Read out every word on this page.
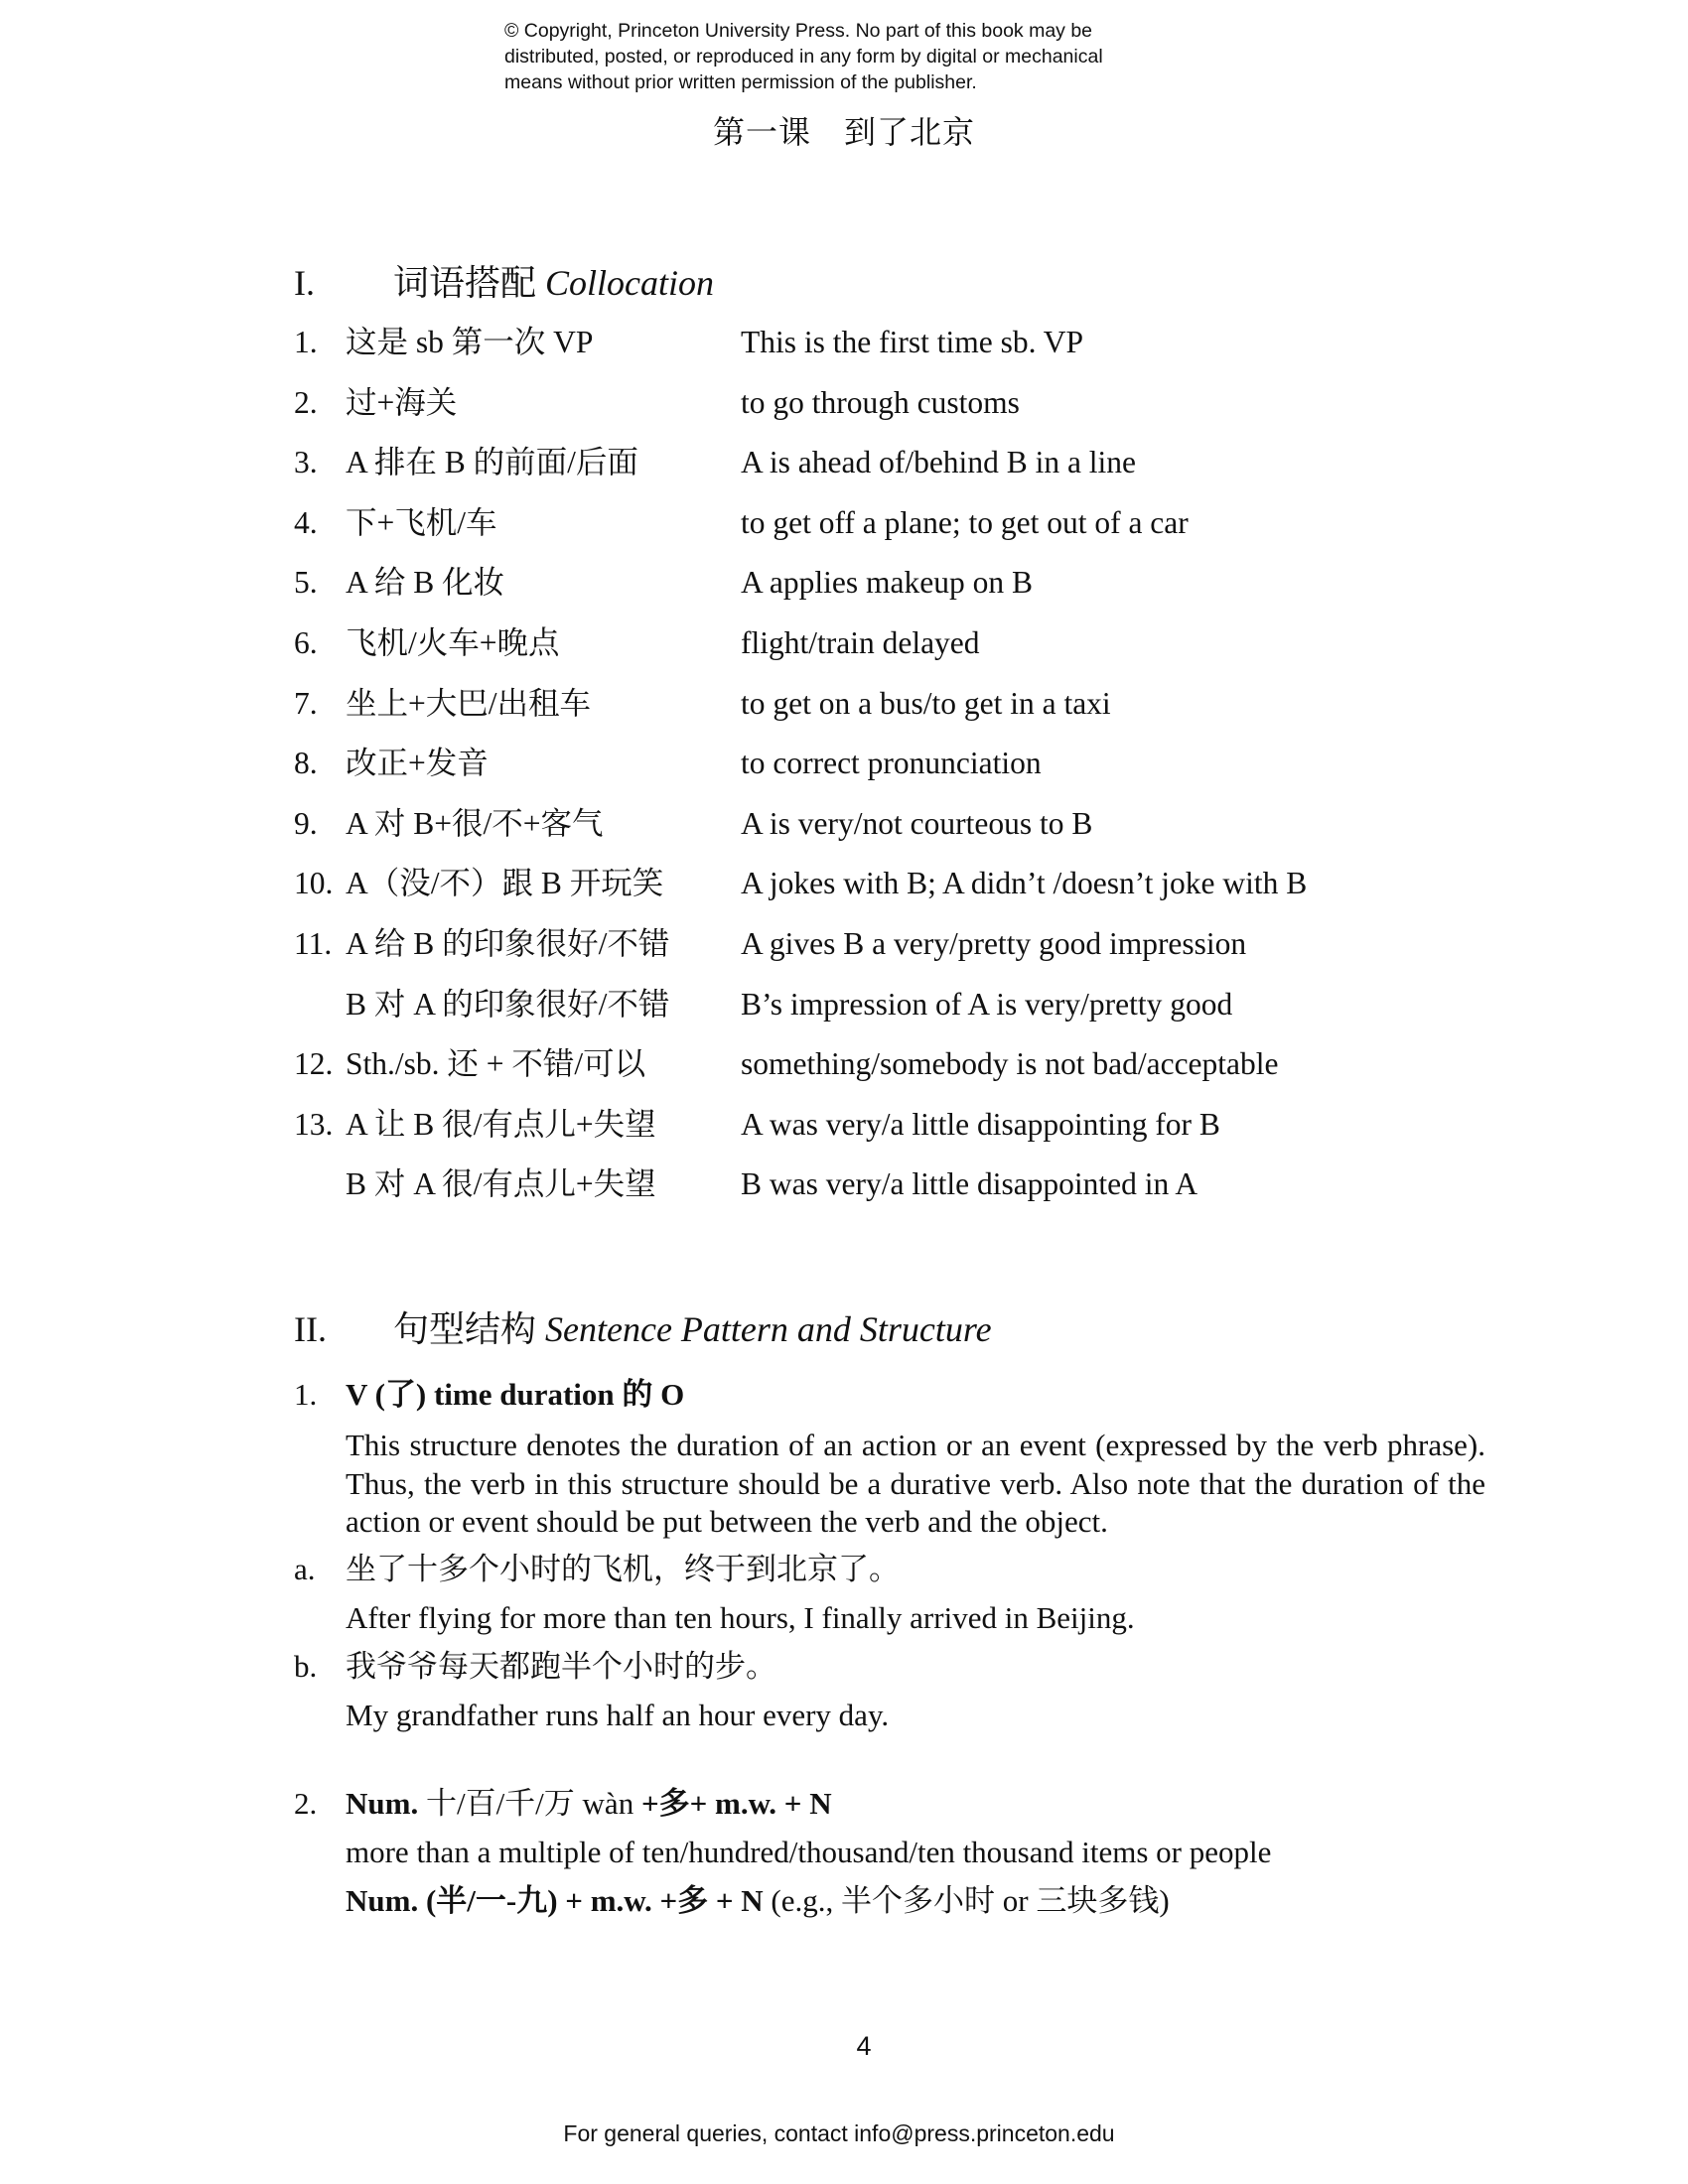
© Copyright, Princeton University Press. No part of this book may be
distributed, posted, or reproduced in any form by digital or mechanical
means without prior written permission of the publisher.
第一课　到了北京
I. 词语搭配 Collocation
1. 这是 sb 第一次 VP	This is the first time sb. VP
2. 过+海关	to go through customs
3. A 排在 B 的前面/后面	A is ahead of/behind B in a line
4. 下+飞机/车	to get off a plane; to get out of a car
5. A 给 B 化妆	A applies makeup on B
6. 飞机/火车+晚点	flight/train delayed
7. 坐上+大巴/出租车	to get on a bus/to get in a taxi
8. 改正+发音	to correct pronunciation
9. A 对 B+很/不+客气	A is very/not courteous to B
10. A（没/不）跟 B 开玩笑 A jokes with B; A didn’t /doesn’t joke with B
11. A 给 B 的印象很好/不错 A gives B a very/pretty good impression
B 对 A 的印象很好/不错 B’s impression of A is very/pretty good
12. Sth./sb. 还 + 不错/可以	something/somebody is not bad/acceptable
13. A 让 B 很/有点儿+失望	A was very/a little disappointing for B
B 对 A 很/有点儿+失望	B was very/a little disappointed in A
II. 句型结构 Sentence Pattern and Structure
1. V (了) time duration 的 O
This structure denotes the duration of an action or an event (expressed by the verb phrase). Thus, the verb in this structure should be a durative verb. Also note that the duration of the action or event should be put between the verb and the object.
a. 坐了十多个小时的飞机，终于到北京了。
After flying for more than ten hours, I finally arrived in Beijing.
b. 我爷爷每天都跑半个小时的步。
My grandfather runs half an hour every day.
2. Num. 十/百/千/万 wàn +多+ m.w. + N
more than a multiple of ten/hundred/thousand/ten thousand items or people
Num. (半/一-九) + m.w. +多 + N (e.g., 半个多小时 or 三块多钱)
4
For general queries, contact info@press.princeton.edu
